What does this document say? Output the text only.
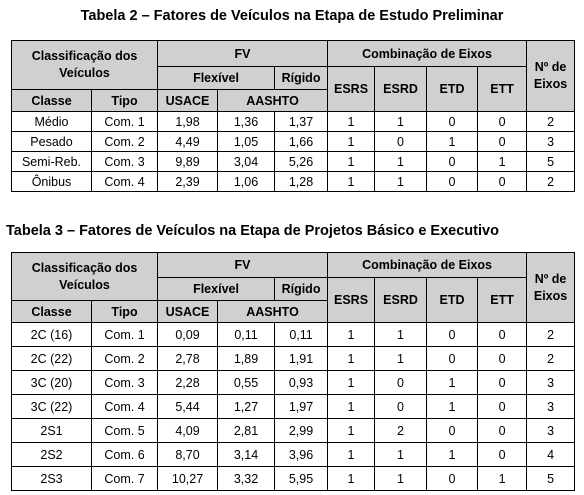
Tabela 2 – Fatores de Veículos na Etapa de Estudo Preliminar
Classificação dos Veículos		FV			Combinação de Eixos				Nº de Eixos
		Flexível		Rígido	ESRS	ESRD	ETD	ETT	
Classe	Tipo	USACE	AASHTO						
Médio	Com. 1	1,98	1,36	1,37	1	1	0	0	2
Pesado	Com. 2	4,49	1,05	1,66	1	0	1	0	3
Semi-Reb.	Com. 3	9,89	3,04	5,26	1	1	0	1	5
Ônibus	Com. 4	2,39	1,06	1,28	1	1	0	0	2
Tabela 3 – Fatores de Veículos na Etapa de Projetos Básico e Executivo
Classificação dos Veículos		FV			Combinação de Eixos				Nº de Eixos
		Flexível		Rígido	ESRS	ESRD	ETD	ETT	
Classe	Tipo	USACE	AASHTO						
2C (16)	Com. 1	0,09	0,11	0,11	1	1	0	0	2
2C (22)	Com. 2	2,78	1,89	1,91	1	1	0	0	2
3C (20)	Com. 3	2,28	0,55	0,93	1	0	1	0	3
3C (22)	Com. 4	5,44	1,27	1,97	1	0	1	0	3
2S1	Com. 5	4,09	2,81	2,99	1	2	0	0	3
2S2	Com. 6	8,70	3,14	3,96	1	1	1	0	4
2S3	Com. 7	10,27	3,32	5,95	1	1	0	1	5
